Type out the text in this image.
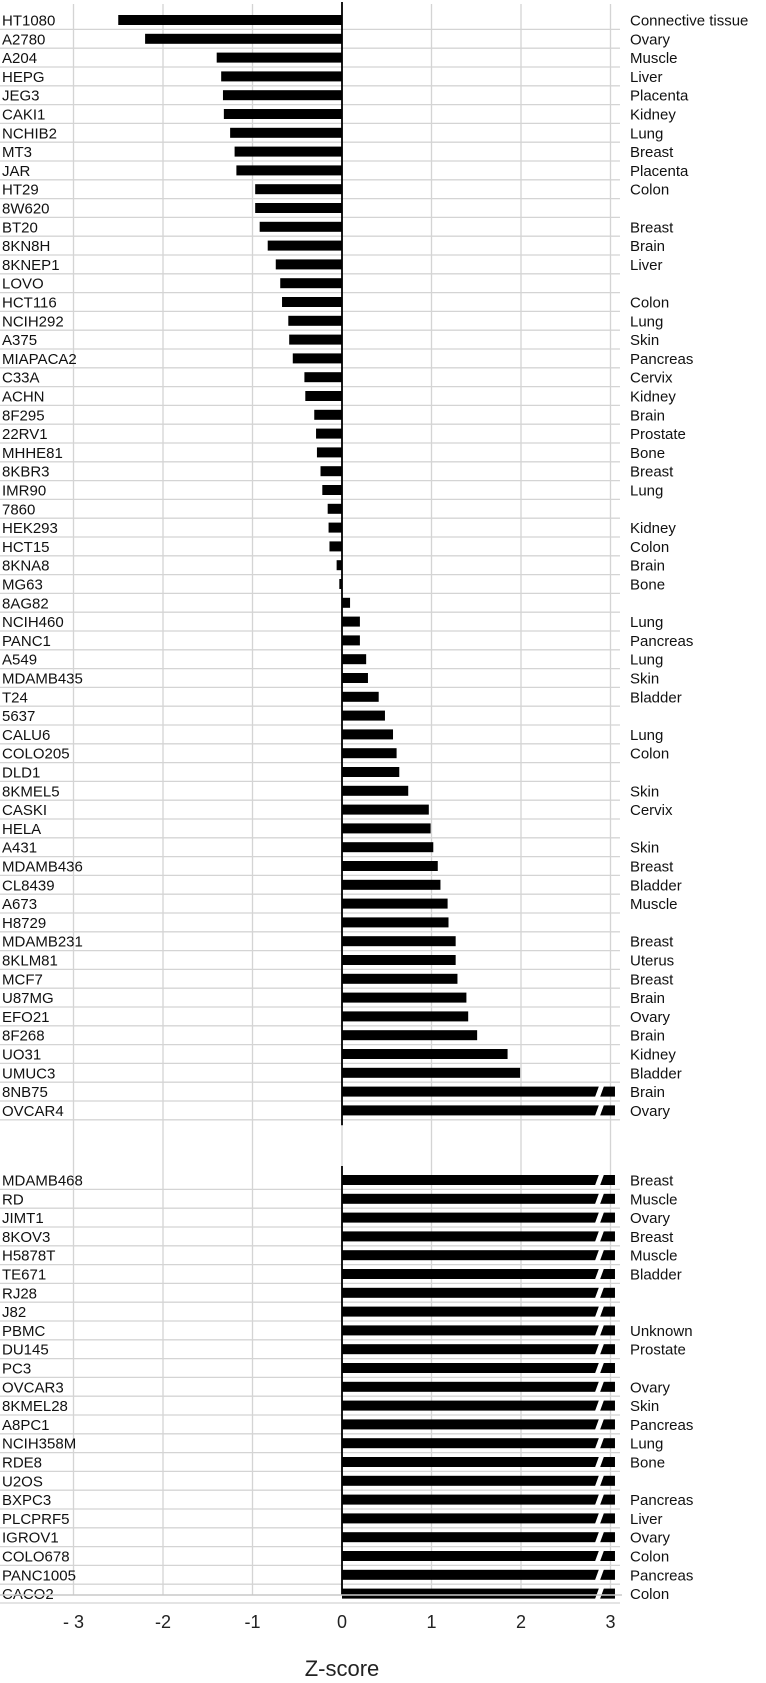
HT1080	Connective tissue
A2780	Ovary
A204	Muscle
HEPG	Liver
JEG3	Placenta
CAKI1	Kidney
NCHIB2	Lung
MT3	Breast
JAR	Placenta
HT29	Colon
8W620
BT20	Breast
8KN8H	Brain
8KNEP1	Liver
LOVO
HCT116	Colon
NCIH292	Lung
A375	Skin
MIAPACA2	Pancreas
C33A	Cervix
ACHN	Kidney
8F295	Brain
22RV1	Prostate
MHHE81	Bone
8KBR3	Breast
IMR90	Lung
7860
HEK293	Kidney
HCT15	Colon
8KNA8	Brain
MG63	Bone
8AG82
NCIH460	Lung
PANC1	Pancreas
A549	Lung
MDAMB435	Skin
T24	Bladder
5637
CALU6	Lung
COLO205	Colon
DLD1
8KMEL5	Skin
CASKI	Cervix
HELA
A431	Skin
MDAMB436	Breast
CL8439	Bladder
A673	Muscle
H8729
MDAMB231	Breast
8KLM81	Uterus
MCF7	Breast
U87MG	Brain
EFO21	Ovary
8F268	Brain
UO31	Kidney
UMUC3	Bladder
8NB75	Brain
OVCAR4	Ovary
MDAMB468	Breast
RD	Muscle
JIMT1	Ovary
8KOV3	Breast
H5878T	Muscle
TE671	Bladder
RJ28
J82
PBMC	Unknown
DU145	Prostate
PC3
OVCAR3	Ovary
8KMEL28	Skin
A8PC1	Pancreas
NCIH358M	Lung
RDE8	Bone
U2OS
BXPC3	Pancreas
PLCPRF5	Liver
IGROV1	Ovary
COLO678	Colon
PANC1005	Pancreas
CACO2	Colon
- 3	-2	-1	0	1	2	3
Z-score
